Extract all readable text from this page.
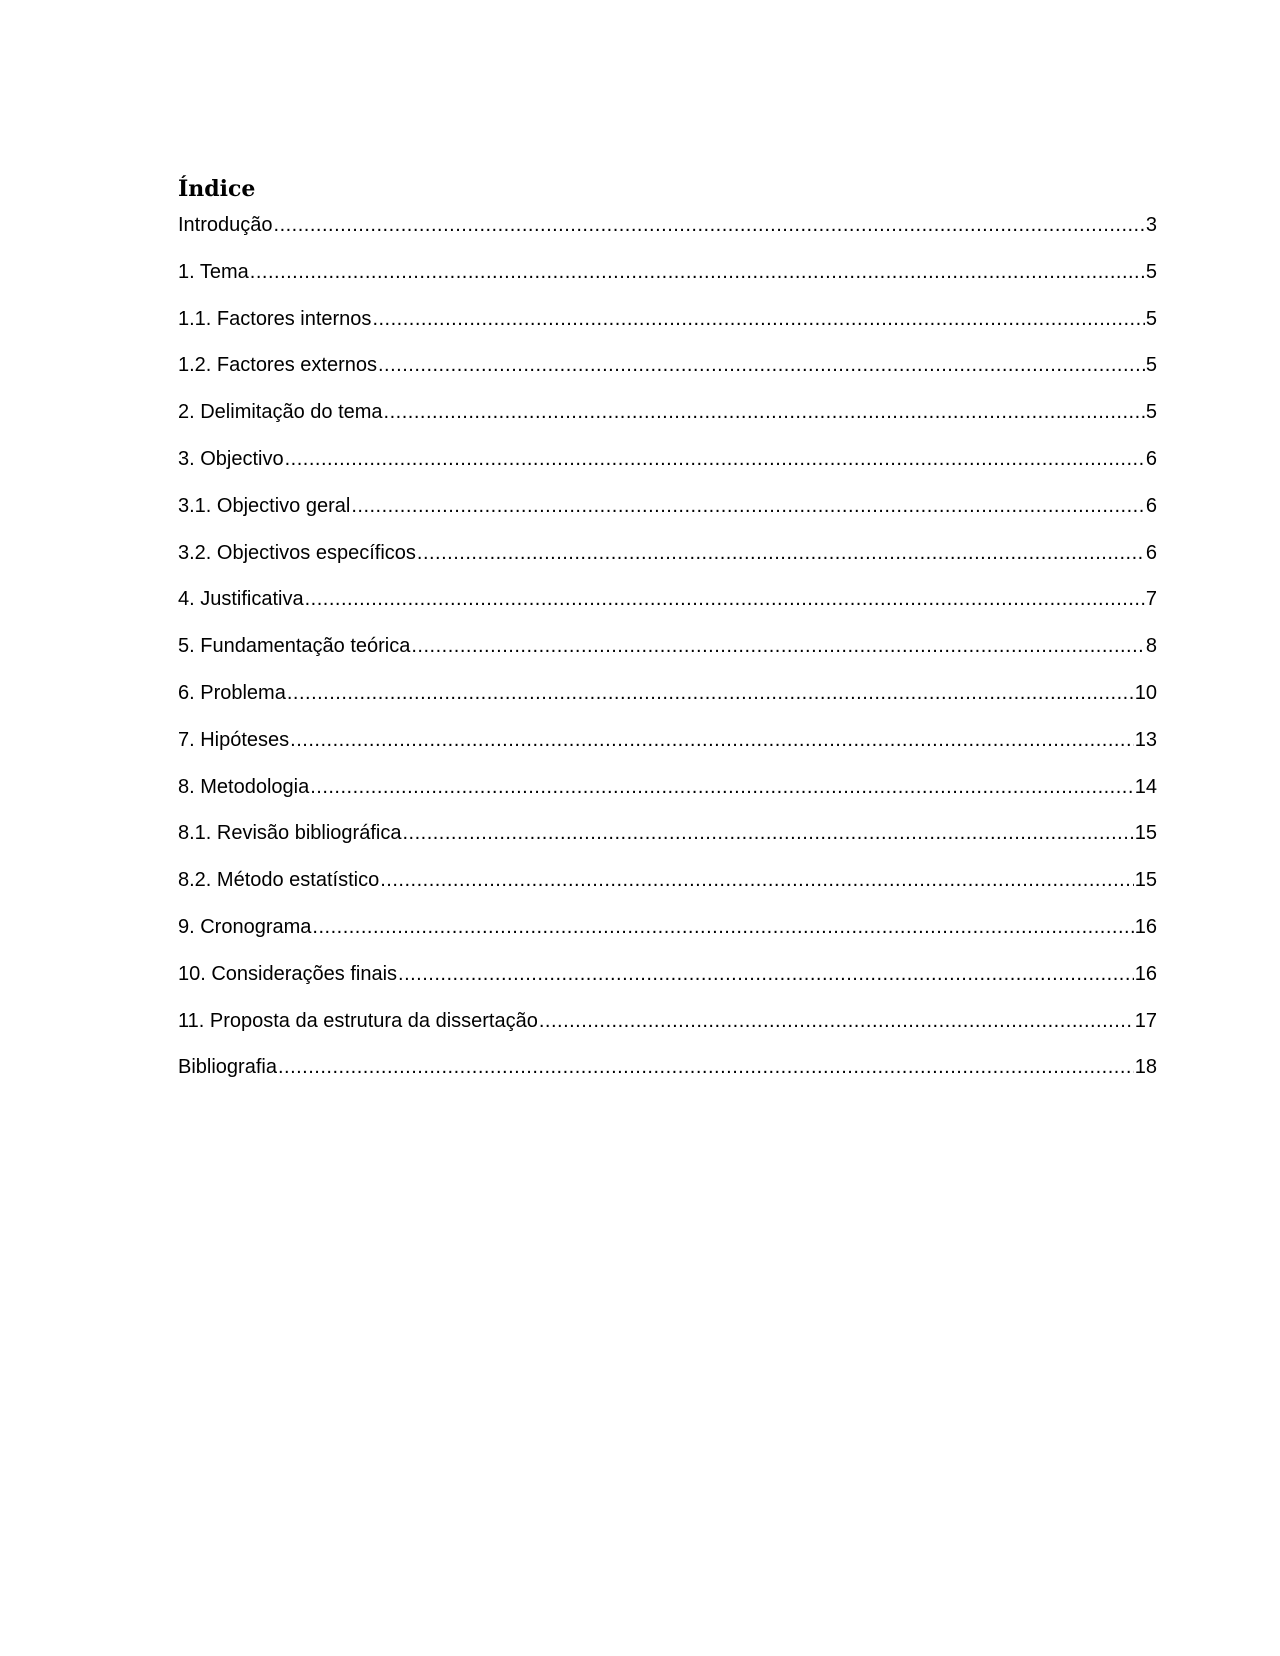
Índice
Introdução .....	3
1. Tema .....	5
1.1. Factores internos .....	5
1.2. Factores externos .....	5
2. Delimitação do tema .....	5
3. Objectivo .....	6
3.1. Objectivo geral .....	6
3.2. Objectivos específicos .....	6
4. Justificativa .....	7
5. Fundamentação teórica .....	8
6. Problema .....	10
7. Hipóteses .....	13
8. Metodologia .....	14
8.1. Revisão bibliográfica .....	15
8.2. Método estatístico .....	15
9. Cronograma .....	16
10. Considerações finais .....	16
11. Proposta da estrutura da dissertação .....	17
Bibliografia .....	18
